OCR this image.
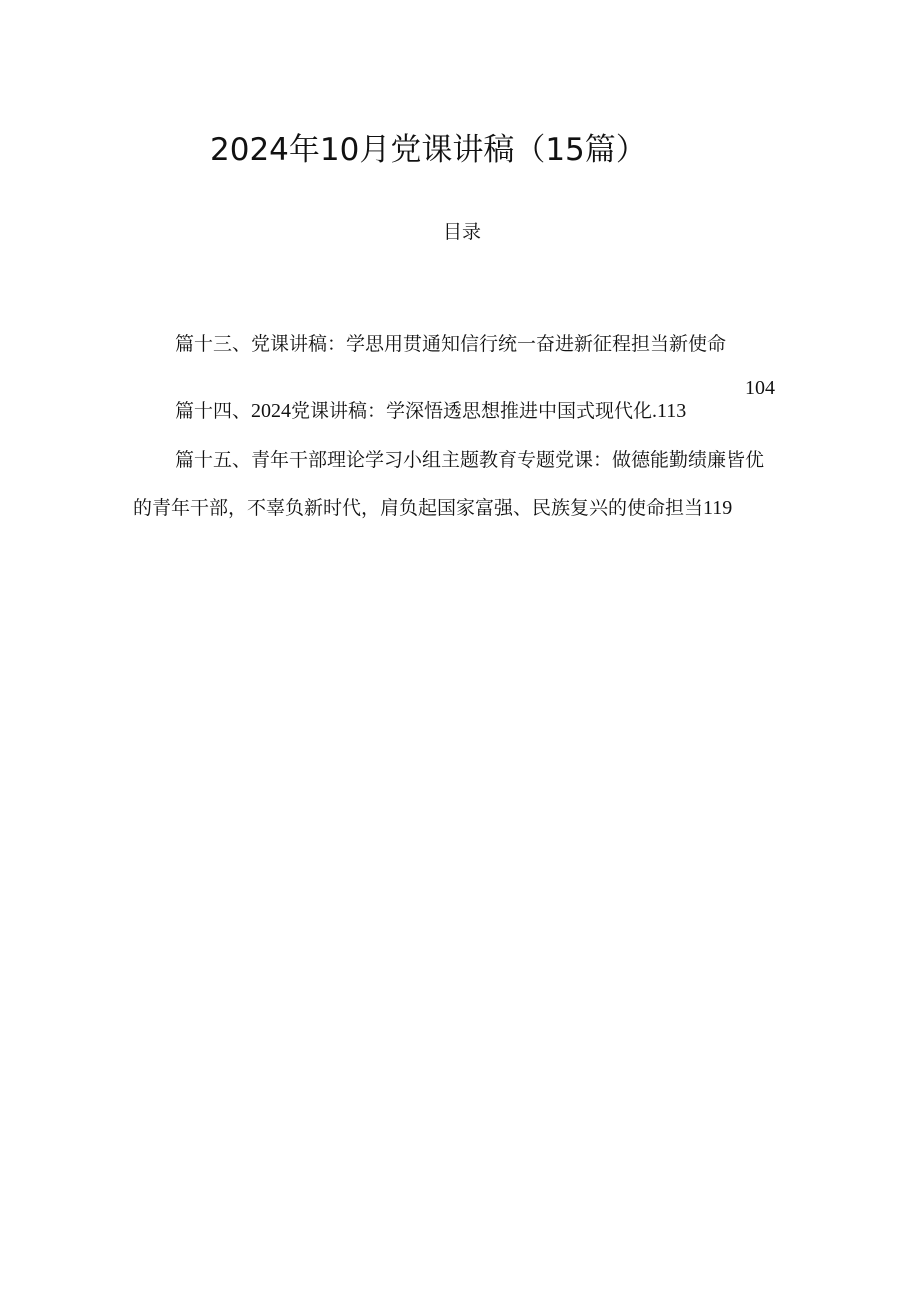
2024年10月党课讲稿（15篇）
目录
篇十三、党课讲稿：学思用贯通知信行统一奋进新征程担当新使命
104
篇十四、2024党课讲稿：学深悟透思想推进中国式现代化.113
篇十五、青年干部理论学习小组主题教育专题党课：做德能勤绩廉皆优
的青年干部，不辜负新时代，肩负起国家富强、民族复兴的使命担当119
